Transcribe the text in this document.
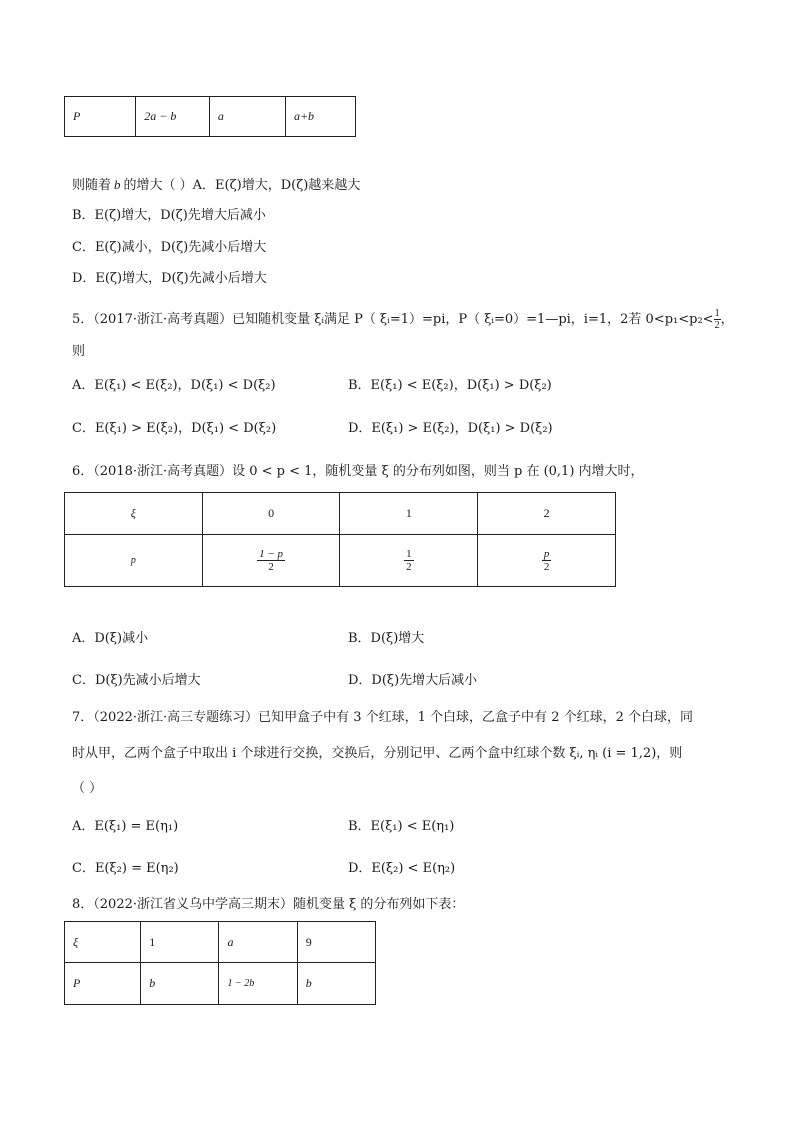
P	2a − b	a	a+b
则随着 b 的增大（ ）A．E(ζ)增大，D(ζ)越来越大
B．E(ζ)增大，D(ζ)先增大后减小
C．E(ζ)减小，D(ζ)先减小后增大
D．E(ζ)增大，D(ζ)先减小后增大
5．（2017·浙江·高考真题）已知随机变量 ξᵢ满足 P（ ξᵢ=1）=pi，P（ ξᵢ=0）=1—pi，i=1，2若 $0<p_1<p_2< \frac{1}{2}$ ，
则
A．E(ξ₁) < E(ξ₂)，D(ξ₁) < D(ξ₂)	B．E(ξ₁) < E(ξ₂)，D(ξ₁) > D(ξ₂)
C．E(ξ₁) > E(ξ₂)，D(ξ₁) < D(ξ₂)	D．E(ξ₁) > E(ξ₂)，D(ξ₁) > D(ξ₂)
6．（2018·浙江·高考真题）设 0 < p < 1，随机变量 ξ 的分布列如图，则当 p 在 (0,1) 内增大时，
ξ	0	1	2
p	$\frac{1 - p}{2}$	$\frac{1}{2}$	$\frac{p}{2}$
A．D(ξ)减小	B．D(ξ)增大
C．D(ξ)先减小后增大	D．D(ξ)先增大后减小
7．（2022·浙江·高三专题练习）已知甲盒子中有 3 个红球，1 个白球，乙盒子中有 2 个红球，2 个白球，同
时从甲，乙两个盒子中取出 i 个球进行交换，交换后，分别记甲、乙两个盒中红球个数 ξᵢ, ηᵢ (i = 1,2)，则
（ ）
A．E(ξ₁) = E(η₁)	B．E(ξ₁) < E(η₁)
C．E(ξ₂) = E(η₂)	D．E(ξ₂) < E(η₂)
8．（2022·浙江省义乌中学高三期末）随机变量 ξ 的分布列如下表：
ξ	1	a	9
P	b	1 − 2b	b
